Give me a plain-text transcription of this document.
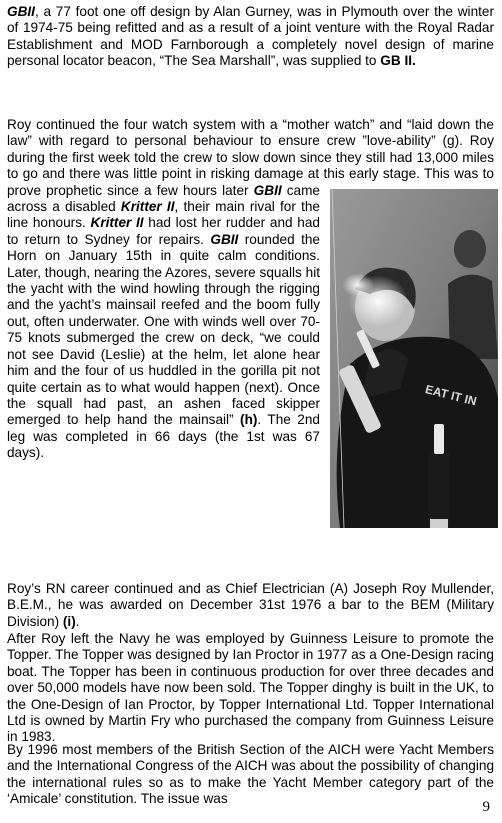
GBII, a 77 foot one off design by Alan Gurney, was in Plymouth over the winter of 1974-75 being refitted and as a result of a joint venture with the Royal Radar Establishment and MOD Farnborough a completely novel design of marine personal locator beacon, “The Sea Marshall”, was supplied to GB II.

Roy continued the four watch system with a “mother watch” and “laid down the law” with regard to personal behaviour to ensure crew ”love-ability” (g). Roy during the first week told the crew to slow down since they still had 13,000 miles to go and there was little point in risking damage at this early stage. This was to prove prophetic since a few hours later GBII came across a disabled Kritter II, their main rival for the line honours. Kritter II had lost her rudder and had to return to Sydney for repairs. GBII rounded the Horn on January 15th in quite calm conditions. Later, though, nearing the Azores, severe squalls hit the yacht with the wind howling through the rigging and the yacht’s mainsail reefed and the boom fully out, often underwater. One with winds well over 70-75 knots submerged the crew on deck, “we could not see David (Leslie) at the helm, let alone hear him and the four of us huddled in the gorilla pit not quite certain as to what would happen (next). Once the squall had past, an ashen faced skipper emerged to help hand the mainsail” (h). The 2nd leg was completed in 66 days (the 1st was 67 days).

EAT IT IN

Roy’s RN career continued and as Chief Electrician (A) Joseph Roy Mullender, B.E.M., he was awarded on December 31st 1976 a bar to the BEM (Military Division) (i).

After Roy left the Navy he was employed by Guinness Leisure to promote the Topper. The Topper was designed by Ian Proctor in 1977 as a One-Design racing boat. The Topper has been in continuous production for over three decades and over 50,000 models have now been sold. The Topper dinghy is built in the UK, to the One-Design of Ian Proctor, by Topper International Ltd. Topper International Ltd is owned by Martin Fry who purchased the company from Guinness Leisure in 1983.

By 1996 most members of the British Section of the AICH were Yacht Members and the International Congress of the AICH was about the possibility of changing the international rules so as to make the Yacht Member category part of the ‘Amicale’ constitution. The issue was

9
